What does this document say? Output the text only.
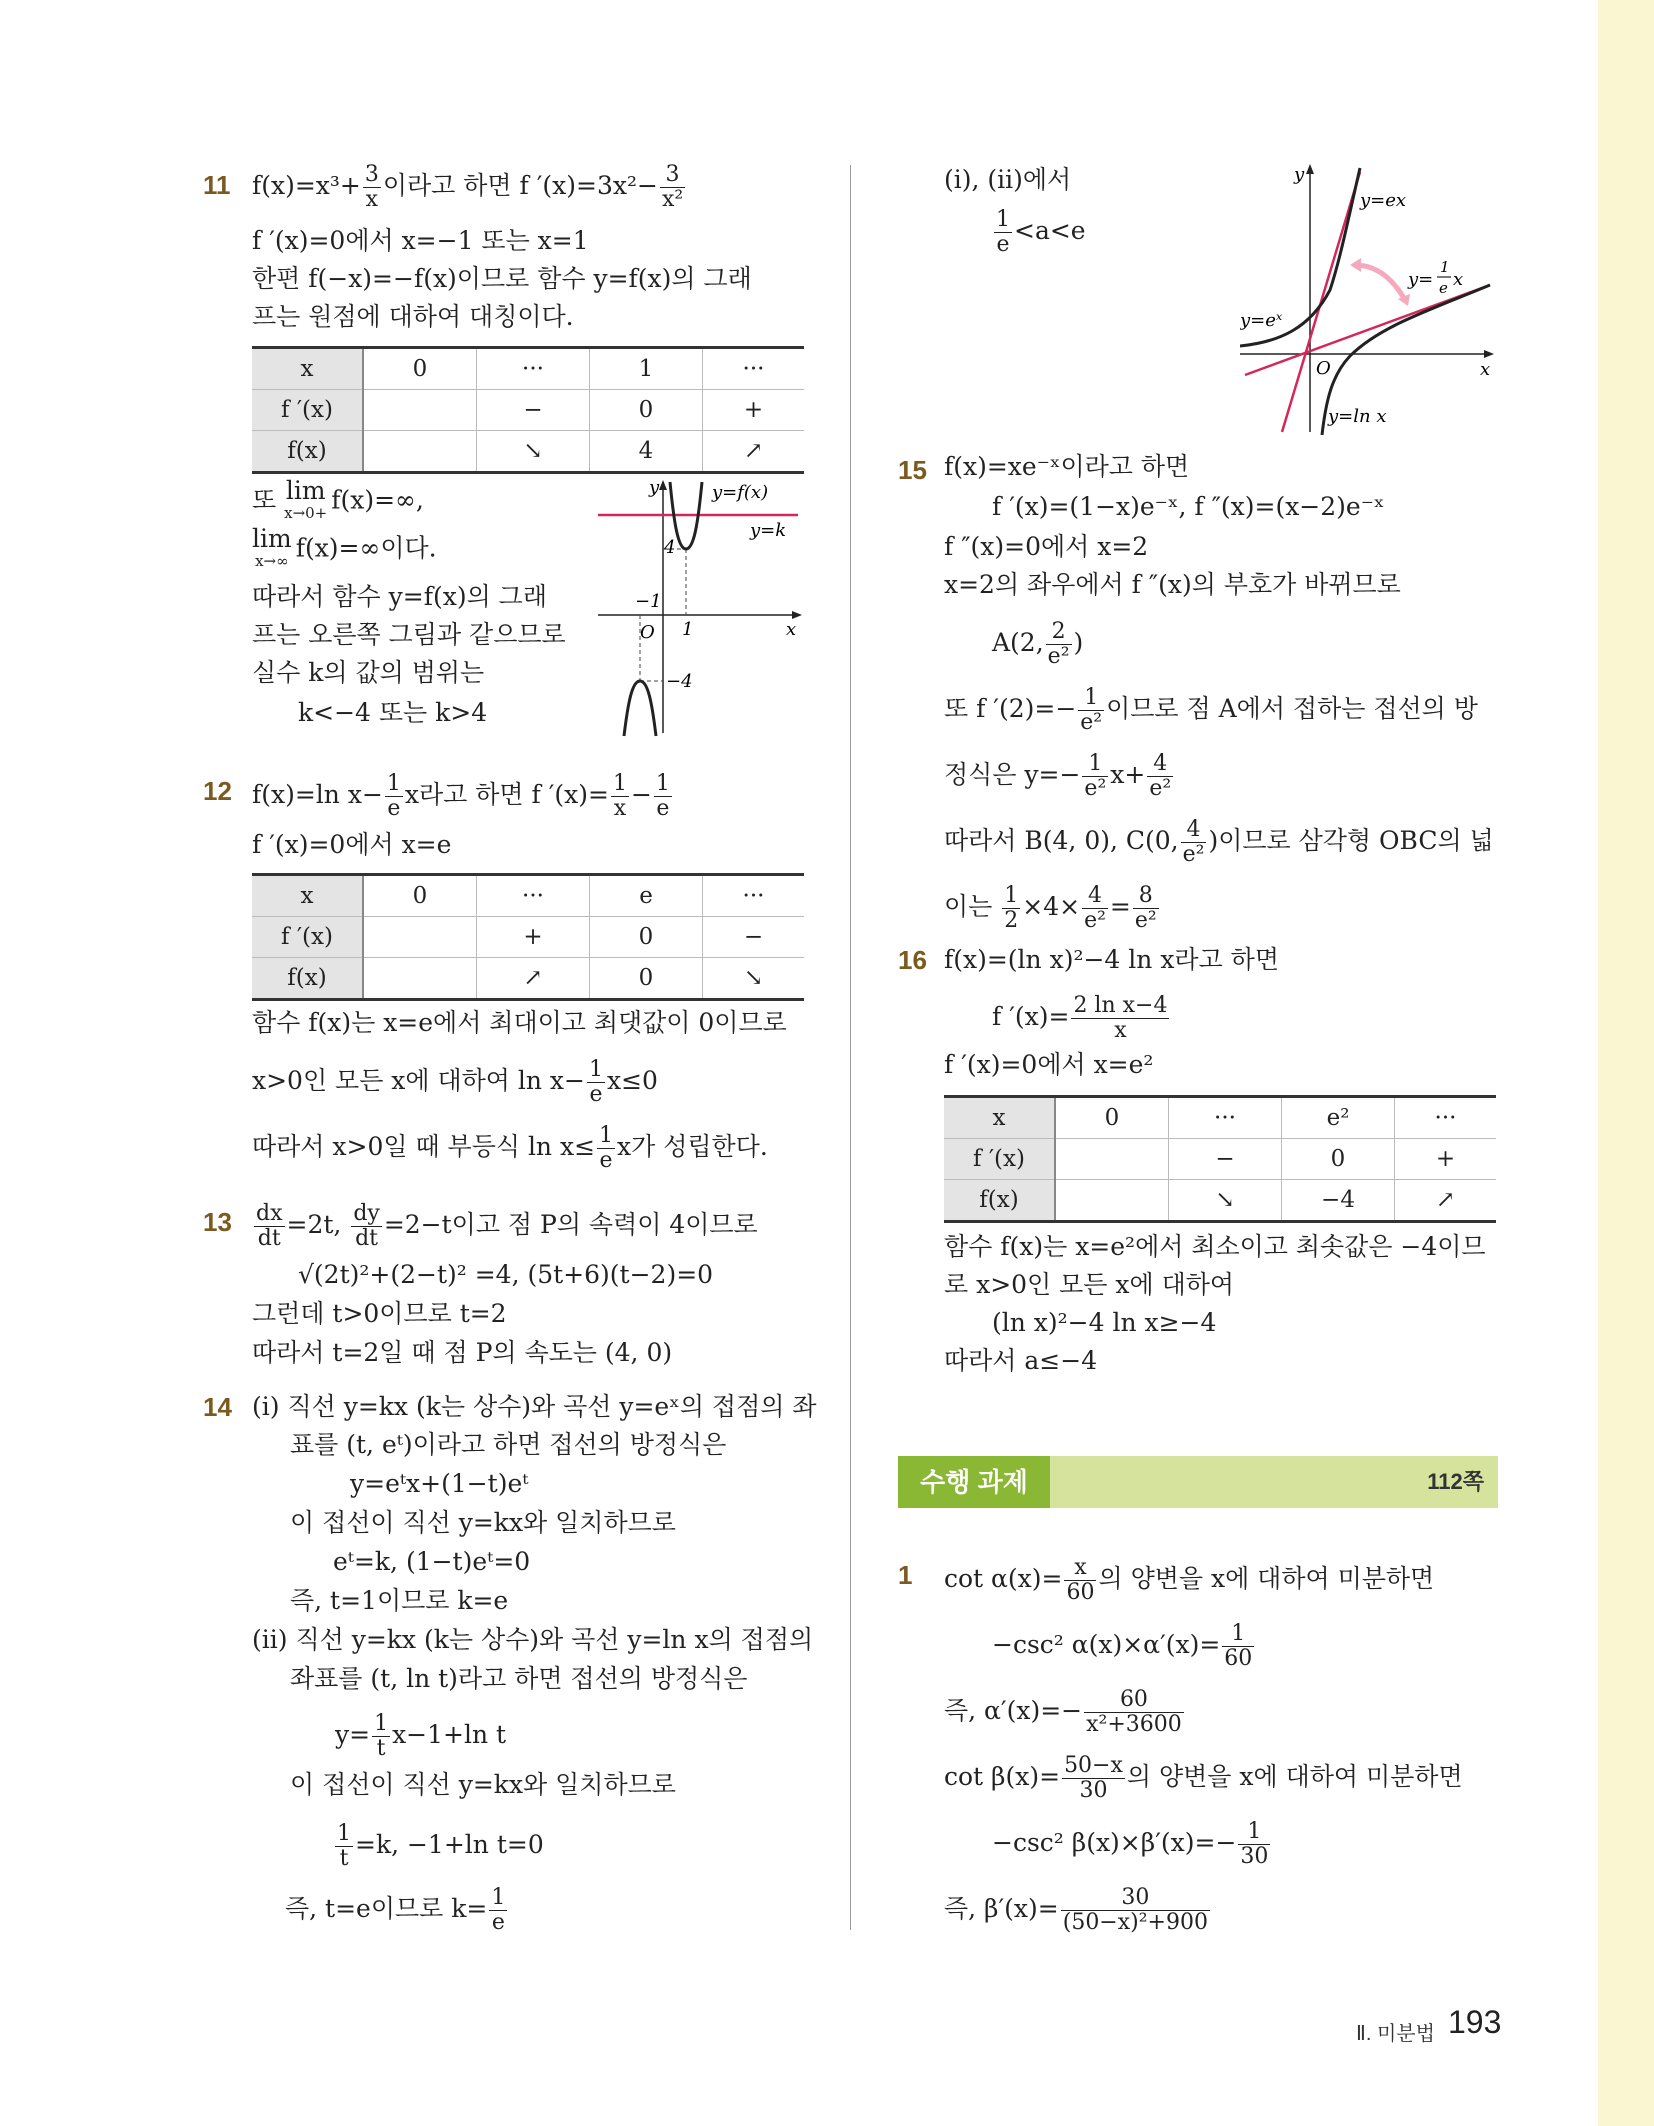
11 $f(x)=x^3+ \frac{3}{x}$ 이라고 하면 f $'(x)=3x^2- \frac{3}{\text{x²}}$
f ′(x)=0에서 x=−1 또는 x=1
한편 f(−x)=−f(x)이므로 함수 y=f(x)의 그래
프는 원점에 대하여 대칭이다.
x	0	···	1	···
f ′(x)		−	0	+
f(x)		↘	4	↗
또 lim
x→0+ f(x)=∞,
lim
x→∞ f(x)=∞이다.
따라서 함수 y=f(x)의 그래
프는 오른쪽 그림과 같으므로
실수 k의 값의 범위는
k<−4 또는 k>4
y
x
y=f(x)
y=k
4
−1
1
O
−4
12 f(x)=ln $x- \frac{1}{e}$ x라고 하면 f $'(x)= \frac{1}{x} - \frac{1}{e}$
f ′(x)=0에서 x=e
x	0	···	e	···
f ′(x)		+	0	−
f(x)		↗	0	↘
함수 f(x)는 x=e에서 최대이고 최댓값이 0이므로
x>0인 모든 x에 대하여 $\ln x- \frac{1}{e} x\le 0$
따라서 x>0일 때 부등식 $\ln x\le \frac{1}{e}$ x가 성립한다.
$13 \frac{dx}{dt} =2t$, $\frac{dy}{dt} =2-t$이고 점 P의 속력이 4이므로
√(2t)²+(2−t)² =4, (5t+6)(t−2)=0
그런데 t>0이므로 t=2
따라서 t=2일 때 점 P의 속도는 (4, 0)
14 (ⅰ) 직선 y=kx (k는 상수)와 곡선 y=eˣ의 접점의 좌
표를 (t, eᵗ)이라고 하면 접선의 방정식은
y=eᵗx+(1−t)eᵗ
이 접선이 직선 y=kx와 일치하므로
eᵗ=k, (1−t)eᵗ=0
즉, t=1이므로 k=e
(ⅱ) 직선 y=kx (k는 상수)와 곡선 y=ln x의 접점의
좌표를 (t, ln t)라고 하면 접선의 방정식은
$y= \frac{1}{t} x-1+\ln$ t
이 접선이 직선 y=kx와 일치하므로
$\frac{1}{t} =k$, −1+ln t=0
즉, t=e이므로 $k= \frac{1}{e}$
(ⅰ), (ⅱ)에서
$\frac{1}{e} <a<e$
y
x
y=ex
y=eˣ
y=
1
e x
y=ln x
O
15 f(x)=xe⁻ˣ이라고 하면
f ′(x)=(1−x)e⁻ˣ, f ″(x)=(x−2)e⁻ˣ
f ″(x)=0에서 x=2
x=2의 좌우에서 f ″(x)의 부호가 바뀌므로
A(2, $\frac{2}{\text{e²}}$ )
또 f $'(2)=- \frac{1}{\text{e²}}$ 이므로 점 A에서 접하는 접선의 방
정식은 $y=- \frac{1}{\text{e²}} x+ \frac{4}{\text{e²}}$
따라서 B(4, 0), C(0, $\frac{4}{\text{e²}}$ )이므로 삼각형 OBC의 넓
이는 $\frac{1}{2} \times 4\times \frac{4}{\text{e²}} = \frac{8}{\text{e²}}$
16 f(x)=(ln x)²−4 ln x라고 하면
f $'(x)= \frac{\text{2 ln x−4}}{x}$
f ′(x)=0에서 x=e²
x	0	···	e²	···
f ′(x)		−	0	+
f(x)		↘	−4	↗
함수 f(x)는 x=e²에서 최소이고 최솟값은 −4이므
로 x>0인 모든 x에 대하여
(ln x)²−4 ln x≥−4
따라서 a≤−4
수행 과제	112쪽
1 $\cot \alpha(x)= \frac{x}{60}$ 의 양변을 x에 대하여 미분하면
−csc² $\alpha(x)\times\alpha'(x)= \frac{1}{60}$
즉, $\alpha'(x)=- \frac{60}{\text{x²+3600}}$
$\cot \beta(x)= \frac{50-x}{30}$ 의 양변을 x에 대하여 미분하면
−csc² $\beta(x)\times\beta'(x)=- \frac{1}{30}$
즉, $\beta'(x)= \frac{30}{\text{(50−x)²+900}}$
Ⅱ. 미분법 193
